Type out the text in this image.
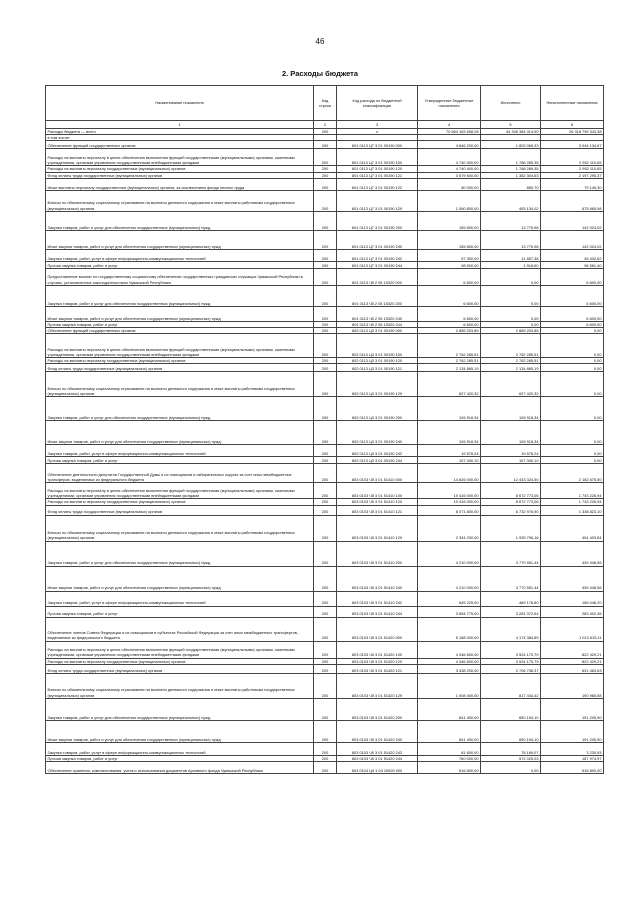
46
2. Расходы бюджета
Наименование показателя	Код строки	Код расхода по бюджетной классификации	Утвержденные бюджетные назначения	Исполнено	Неисполненные назначения
1	2	3	4	5	6
Расходы бюджета — всего	200	x	70 664 183 658,28	44 345 384 314,90	26 318 799 343,38
в том числе:					
Обеспечение функций государственных органов	200	801 0113 Ц7 3 01 00190 000	4 846 200,00	1 802 065,33	3 044 134,67
Расходы на выплаты персоналу в целях обеспечения выполнения функций государственными (муниципальными) органами, казенными учреждениями, органами управления государственными внебюджетными фондами	200	801 0113 Ц7 3 01 00190 100	4 740 400,00	1 788 289,35	2 952 110,65
Расходы на выплаты персоналу государственных (муниципальных) органов	200	801 0113 Ц7 3 01 00190 120	4 740 400,00	1 788 289,35	2 952 110,65
Фонд оплаты труда государственных (муниципальных) органов	200	801 0113 Ц7 3 01 00190 121	3 579 600,00	1 382 304,63	2 197 295,37
Иные выплаты персоналу государственных (муниципальных) органов, за исключением фонда оплаты труда	200	801 0113 Ц7 3 01 00190 122	80 000,00	850,70	79 149,30
Взносы по обязательному социальному страхованию на выплаты денежного содержания и иные выплаты работникам государственных (муниципальных) органов	200	801 0113 Ц7 3 01 00190 129	1 080 800,00	405 134,02	675 665,98
Закупка товаров, работ и услуг для обеспечения государственных (муниципальных) нужд	200	801 0113 Ц7 3 01 00190 200	155 800,00	13 775,98	142 024,02
Иные закупки товаров, работ и услуг для обеспечения государственных (муниципальных) нужд	200	801 0113 Ц7 3 01 00190 240	155 800,00	13 775,98	142 024,02
Закупка товаров, работ, услуг в сфере информационно-коммуникационных технологий	200	801 0113 Ц7 3 01 00190 242	57 300,00	11 857,38	45 442,62
Прочая закупка товаров, работ и услуг	200	801 0113 Ц7 3 01 00190 244	98 500,00	1 918,60	96 581,40
Предоставление выплат по государственному социальному обеспечению государственных гражданских служащих Чувашской Республики в случаях, установленных законодательством Чувашской Республики	200	801 0113 Ч5 2 05 15320 000	6 600,00	0,00	6 600,00
Закупка товаров, работ и услуг для обеспечения государственных (муниципальных) нужд	200	801 0113 Ч5 2 05 15320 200	6 600,00	0,00	6 600,00
Иные закупки товаров, работ и услуг для обеспечения государственных (муниципальных) нужд	200	801 0113 Ч5 2 05 15320 240	6 600,00	0,00	6 600,00
Прочая закупка товаров, работ и услуг	200	801 0113 Ч5 2 05 15320 244	6 600,00	0,00	6 600,00
Обеспечение функций государственных органов	200	802 0113 Ц3 3 01 00190 000	2 889 203,85	2 889 203,85	0,00
Расходы на выплаты персоналу в целях обеспечения выполнения функций государственными (муниципальными) органами, казенными учреждениями, органами управления государственными внебюджетными фондами	200	802 0113 Ц3 3 01 00190 100	2 762 285,51	2 762 285,51	0,00
Расходы на выплаты персоналу государственных (муниципальных) органов	200	802 0113 Ц3 3 01 00190 120	2 762 285,51	2 762 285,51	0,00
Фонд оплаты труда государственных (муниципальных) органов	200	802 0113 Ц3 3 01 00190 121	2 134 865,19	2 134 865,19	0,00
Взносы по обязательному социальному страхованию на выплаты денежного содержания и иные выплаты работникам государственных (муниципальных) органов	200	802 0113 Ц3 3 01 00190 129	627 420,32	627 420,32	0,00
Закупка товаров, работ и услуг для обеспечения государственных (муниципальных) нужд	200	802 0113 Ц3 3 01 00190 200	126 918,34	126 918,34	0,00
Иные закупки товаров, работ и услуг для обеспечения государственных (муниципальных) нужд	200	802 0113 Ц3 3 01 00190 240	126 918,34	126 918,34	0,00
Закупка товаров, работ, услуг в сфере информационно-коммуникационных технологий	200	802 0113 Ц3 3 01 00190 242	19 578,24	19 578,24	0,00
Прочая закупка товаров, работ и услуг	200	802 0113 Ц3 3 01 00190 244	107 340,10	107 340,10	0,00
Обеспечение деятельности депутатов Государственной Думы и их помощников в избирательных округах за счет иных межбюджетных трансферов, выделяемых из федерального бюджета	200	803 0103 Ч5 3 01 51410 000	14 626 000,00	12 443 324,50	2 182 675,50
Расходы на выплаты персоналу в целях обеспечения выполнения функций государственными (муниципальными) органами, казенными учреждениями, органами управления государственными внебюджетными фондами	200	803 0103 Ч5 3 01 51410 100	10 416 000,00	8 672 773,06	1 743 226,94
Расходы на выплаты персоналу государственных (муниципальных) органов	200	803 0103 Ч5 3 01 51410 120	10 416 000,00	8 672 773,06	1 743 226,94
Фонд оплаты труда государственных (муниципальных) органов	200	803 0103 Ч5 3 01 51410 121	8 071 800,00	6 732 976,90	1 338 823,10
Взносы по обязательному социальному страхованию на выплаты денежного содержания и иные выплаты работникам государственных (муниципальных) органов	200	803 0103 Ч5 3 01 51410 129	2 344 200,00	1 939 796,16	404 403,84
Закупка товаров, работ и услуг для обеспечения государственных (муниципальных) нужд	200	803 0103 Ч5 3 01 51410 200	4 210 000,00	3 770 551,44	439 448,56
Иные закупки товаров, работ и услуг для обеспечения государственных (муниципальных) нужд	200	803 0103 Ч5 3 01 51410 240	4 210 000,00	3 770 551,44	439 448,56
Закупка товаров, работ, услуг в сфере информационно-коммуникационных технологий	200	803 0103 Ч5 3 01 51410 242	645 225,00	489 178,80	156 046,20
Прочая закупка товаров, работ и услуг	200	803 0103 Ч5 3 01 51410 244	3 564 775,00	3 281 372,64	283 402,36
Обеспечение членов Совета Федерации и их помощников в субъектах Российской Федерации за счет иных межбюджетных трансфертов, выделяемых из федерального бюджета	200	803 0103 Ч5 3 01 51420 000	5 188 000,00	4 174 384,89	1 013 615,11
Расходы на выплаты персоналу в целях обеспечения выполнения функций государственными (муниципальными) органами, казенными учреждениями, органами управления государственными внебюджетными фондами	200	803 0103 Ч5 3 01 51420 100	4 346 600,00	3 524 170,79	822 429,21
Расходы на выплаты персоналу государственных (муниципальных) органов	200	803 0103 Ч5 3 01 51420 120	4 346 600,00	3 524 170,79	822 429,21
Фонд оплаты труда государственных (муниципальных) органов	200	803 0103 Ч5 3 01 51420 121	3 338 200,00	2 706 736,37	631 463,63
Взносы по обязательному социальному страхованию на выплаты денежного содержания и иные выплаты работникам государственных (муниципальных) органов	200	803 0103 Ч5 3 01 51420 129	1 008 400,00	817 434,42	190 965,58
Закупка товаров, работ и услуг для обеспечения государственных (муниципальных) нужд	200	803 0103 Ч5 3 01 51420 200	841 400,00	650 194,10	191 205,90
Иные закупки товаров, работ и услуг для обеспечения государственных (муниципальных) нужд	200	803 0103 Ч5 3 01 51420 240	841 400,00	650 194,10	191 205,90
Закупка товаров, работ, услуг в сфере информационно-коммуникационных технологий	200	803 0103 Ч5 3 01 51420 242	81 600,00	78 169,07	3 230,93
Прочая закупка товаров, работ и услуг	200	803 0103 Ч5 3 01 51420 244	760 000,00	572 025,03	187 974,97
Обеспечение хранения, комплектования, учета и использования документов Архивного фонда Чувашской Республики	200	803 0104 Ц4 1 04 10920 000	516 800,00	0,00	516 800,00
